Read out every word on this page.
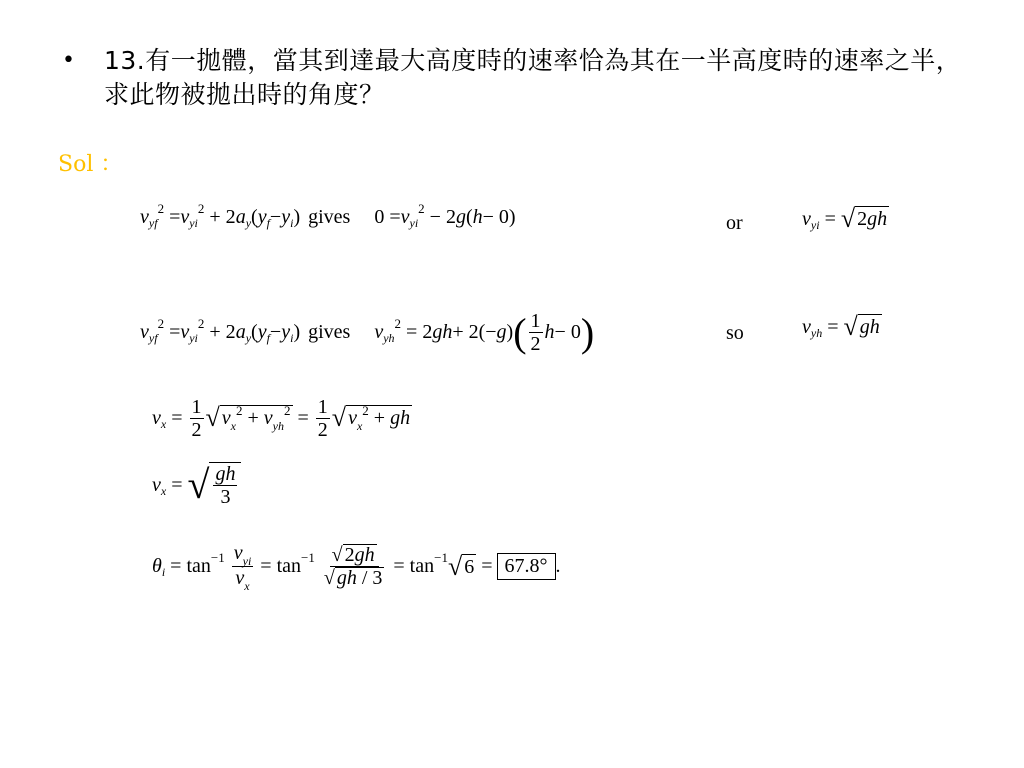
•	13.有一拋體，當其到達最大高度時的速率恰為其在一半高度時的速率之半，求此物被拋出時的角度？
Sol ：
v yf
2 = v yi
2 + 2 a y ( y f − y i ) gives 0 = v yi
2 − 2 g ( h − 0)	or	v yi = √ 2gh
v yf
2 = v yi
2 + 2 a y ( y f − y i ) gives v yh
2 = 2 gh + 2(− g ) ( $\frac{1}{2}$ h − 0 )	so	v yh = √ gh
v $x = \frac{1}{2}$ √ $v_x^2 + v_{yh}^2 = \frac{1}{2}$ √ $v_x^2$ + gh
v x = √ $\frac{gh}{3}$
θ i = tan −1
$\frac{v_{yi}}{v_x} = \tan -1$
$\frac{√ 2gh}{√ gh / 3} = \tan -1$ √ 6 = 67.8° .
